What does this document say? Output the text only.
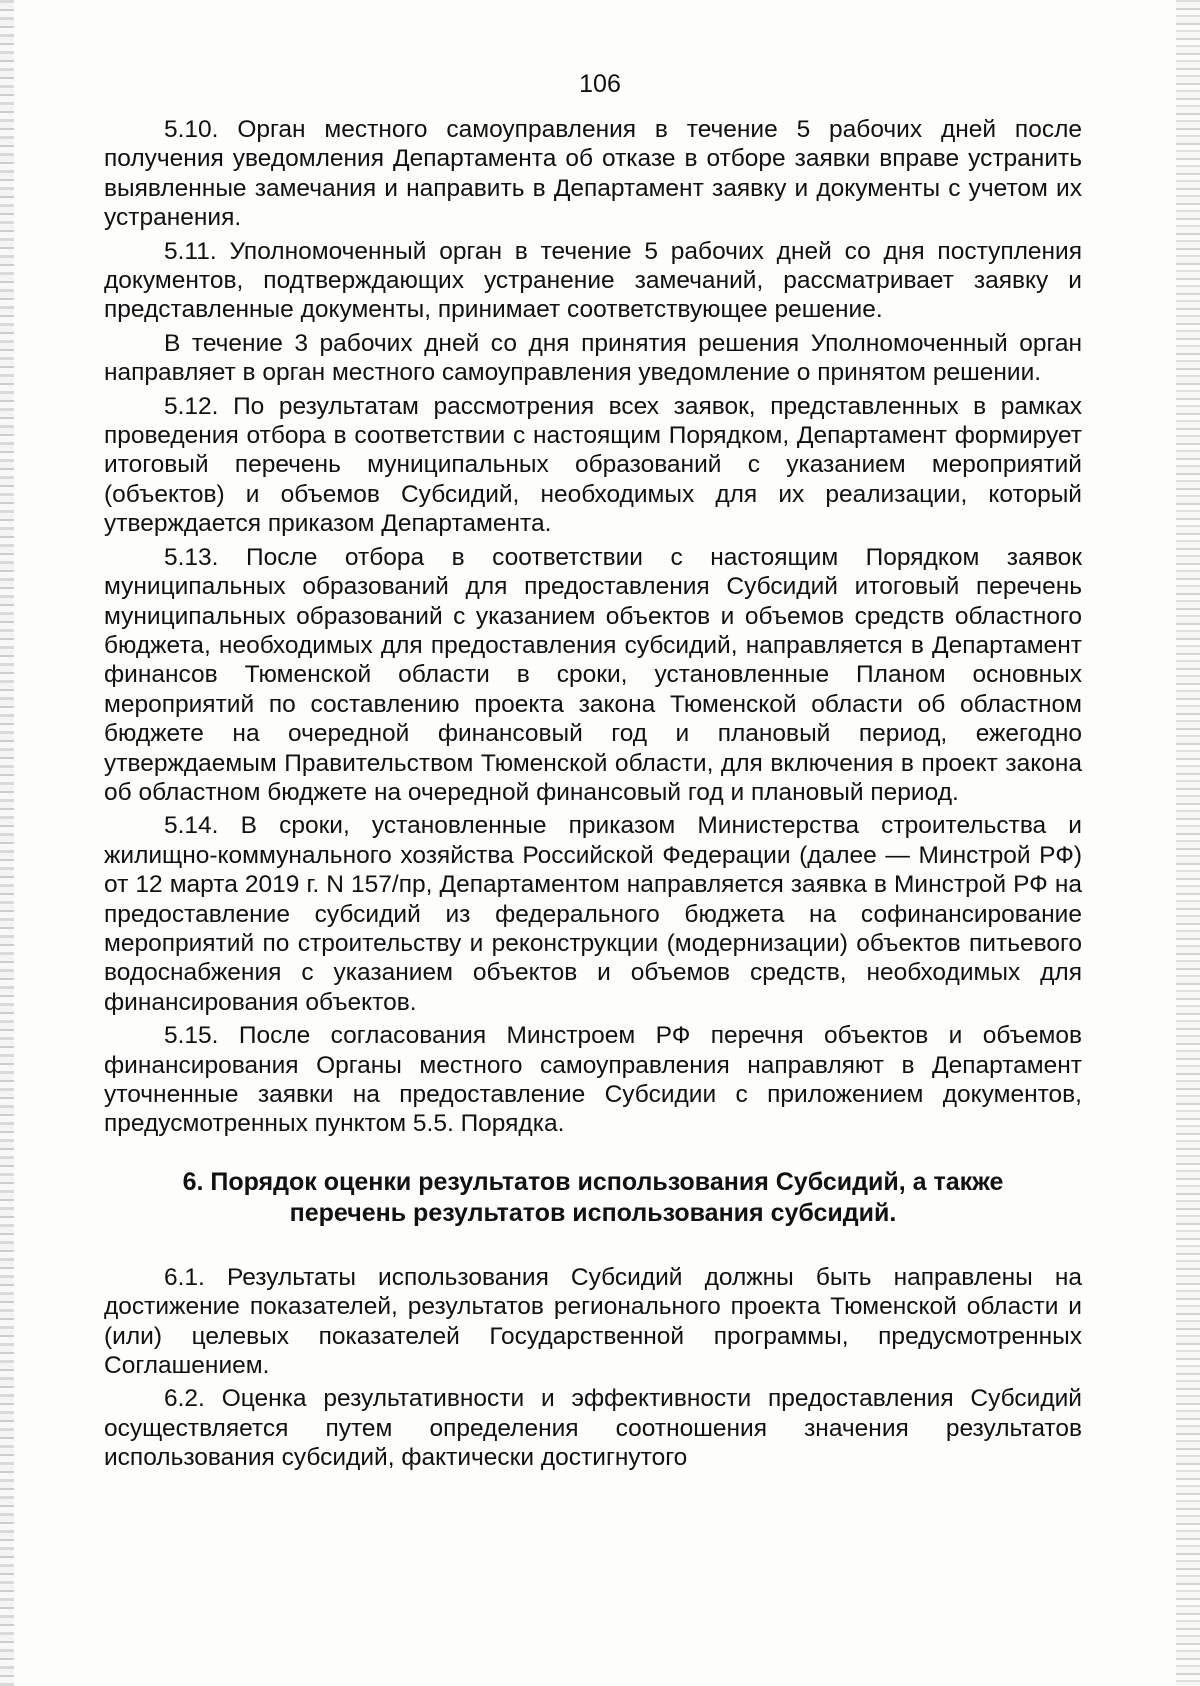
106

5.10. Орган местного самоуправления в течение 5 рабочих дней после получения уведомления Департамента об отказе в отборе заявки вправе устранить выявленные замечания и направить в Департамент заявку и документы с учетом их устранения.

5.11. Уполномоченный орган в течение 5 рабочих дней со дня поступления документов, подтверждающих устранение замечаний, рассматривает заявку и представленные документы, принимает соответствующее решение.

В течение 3 рабочих дней со дня принятия решения Уполномоченный орган направляет в орган местного самоуправления уведомление о принятом решении.

5.12. По результатам рассмотрения всех заявок, представленных в рамках проведения отбора в соответствии с настоящим Порядком, Департамент формирует итоговый перечень муниципальных образований с указанием мероприятий (объектов) и объемов Субсидий, необходимых для их реализации, который утверждается приказом Департамента.

5.13. После отбора в соответствии с настоящим Порядком заявок муниципальных образований для предоставления Субсидий итоговый перечень муниципальных образований с указанием объектов и объемов средств областного бюджета, необходимых для предоставления субсидий, направляется в Департамент финансов Тюменской области в сроки, установленные Планом основных мероприятий по составлению проекта закона Тюменской области об областном бюджете на очередной финансовый год и плановый период, ежегодно утверждаемым Правительством Тюменской области, для включения в проект закона об областном бюджете на очередной финансовый год и плановый период.

5.14. В сроки, установленные приказом Министерства строительства и жилищно-коммунального хозяйства Российской Федерации (далее — Минстрой РФ) от 12 марта 2019 г. N 157/пр, Департаментом направляется заявка в Минстрой РФ на предоставление субсидий из федерального бюджета на софинансирование мероприятий по строительству и реконструкции (модернизации) объектов питьевого водоснабжения с указанием объектов и объемов средств, необходимых для финансирования объектов.

5.15. После согласования Минстроем РФ перечня объектов и объемов финансирования Органы местного самоуправления направляют в Департамент уточненные заявки на предоставление Субсидии с приложением документов, предусмотренных пунктом 5.5. Порядка.

6. Порядок оценки результатов использования Субсидий, а также перечень результатов использования субсидий.

6.1. Результаты использования Субсидий должны быть направлены на достижение показателей, результатов регионального проекта Тюменской области и (или) целевых показателей Государственной программы, предусмотренных Соглашением.

6.2. Оценка результативности и эффективности предоставления Субсидий осуществляется путем определения соотношения значения результатов использования субсидий, фактически достигнутого
